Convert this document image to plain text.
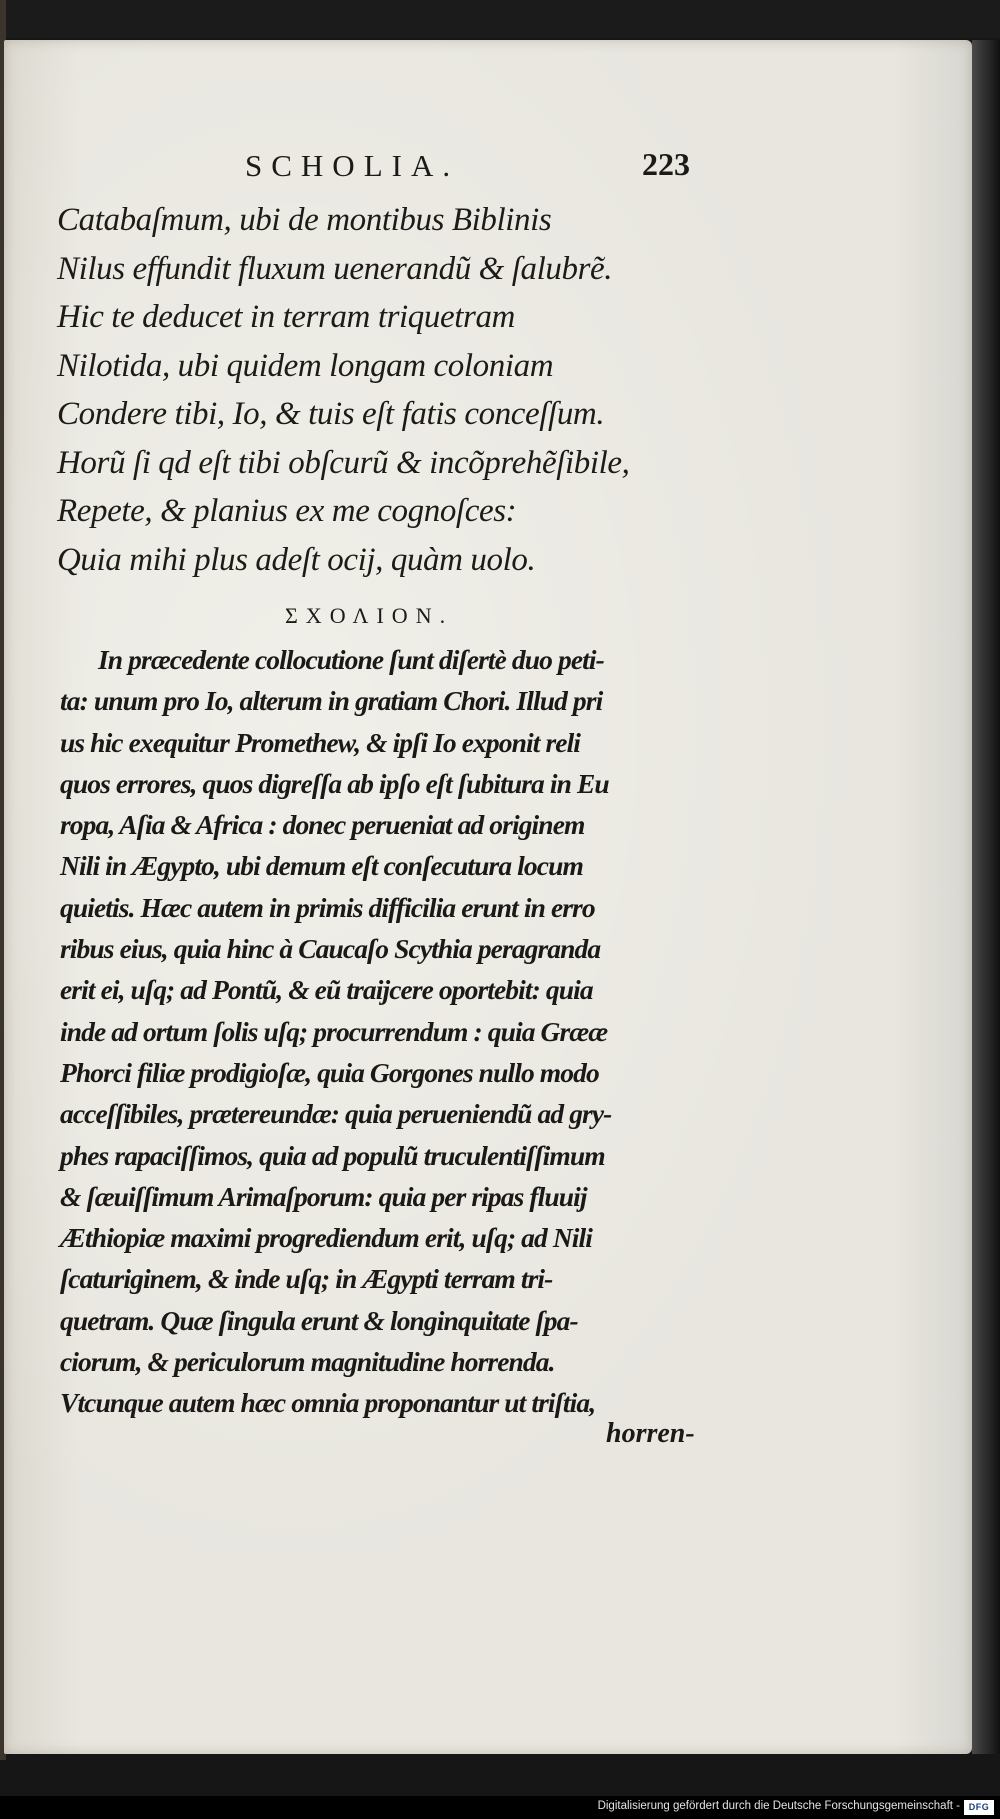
SCHOLIA.	223
Catabaſmum, ubi de montibus Biblinis
Nilus effundit fluxum uenerandũ & ſalubrẽ.
Hic te deducet in terram triquetram
Nilotida, ubi quidem longam coloniam
Condere tibi, Io, & tuis eſt fatis conceſſum.
Horũ ſi qd eſt tibi obſcurũ & incõprehẽſibile,
Repete, & planius ex me cognoſces:
Quia mihi plus adeſt ocij, quàm uolo.
ΣΧΟΛΙΟΝ.
In præcedente collocutione ſunt diſertè duo peti-
ta: unum pro Io, alterum in gratiam Chori. Illud pri
us hic exequitur Promethew, & ipſi Io exponit reli
quos errores, quos digreſſa ab ipſo eſt ſubitura in Eu
ropa, Aſia & Africa : donec perueniat ad originem
Nili in Ægypto, ubi demum eſt conſecutura locum
quietis. Hæc autem in primis difficilia erunt in erro
ribus eius, quia hinc à Caucaſo Scythia peragranda
erit ei, uſq; ad Pontũ, & eũ traijcere oportebit: quia
inde ad ortum ſolis uſq; procurrendum : quia Grææ
Phorci filiæ prodigioſæ, quia Gorgones nullo modo
acceſſibiles, prætereundæ: quia perueniendũ ad gry-
phes rapaciſſimos, quia ad populũ truculentiſſimum
& ſæuiſſimum Arimaſporum: quia per ripas fluuij
Æthiopiæ maximi progrediendum erit, uſq; ad Nili
ſcaturiginem, & inde uſq; in Ægypti terram tri-
quetram. Quæ ſingula erunt & longinquitate ſpa-
ciorum, & periculorum magnitudine horrenda.
Vtcunque autem hæc omnia proponantur ut triſtia,
horren-
Digitalisierung gefördert durch die Deutsche Forschungsgemeinschaft - DFG
